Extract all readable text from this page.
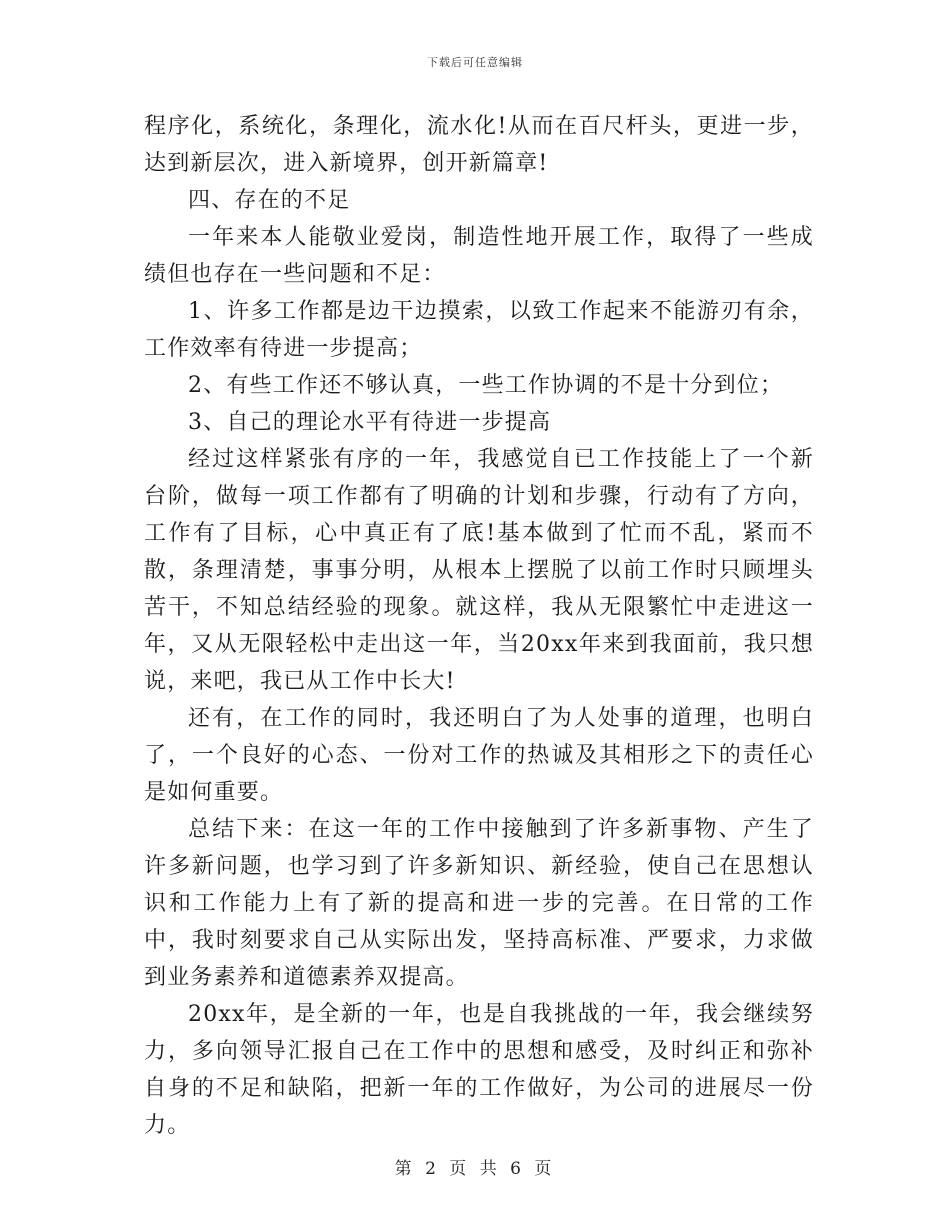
下载后可任意编辑

程序化，系统化，条理化，流水化!从而在百尺杆头，更进一步，达到新层次，进入新境界，创开新篇章!

四、存在的不足

一年来本人能敬业爱岗，制造性地开展工作，取得了一些成绩但也存在一些问题和不足：

1、许多工作都是边干边摸索，以致工作起来不能游刃有余，工作效率有待进一步提高；

2、有些工作还不够认真，一些工作协调的不是十分到位；

3、自己的理论水平有待进一步提高

经过这样紧张有序的一年，我感觉自已工作技能上了一个新台阶，做每一项工作都有了明确的计划和步骤，行动有了方向，工作有了目标，心中真正有了底!基本做到了忙而不乱，紧而不散，条理清楚，事事分明，从根本上摆脱了以前工作时只顾埋头苦干，不知总结经验的现象。就这样，我从无限繁忙中走进这一年，又从无限轻松中走出这一年，当20xx年来到我面前，我只想说，来吧，我已从工作中长大!

还有，在工作的同时，我还明白了为人处事的道理，也明白了，一个良好的心态、一份对工作的热诚及其相形之下的责任心是如何重要。

总结下来：在这一年的工作中接触到了许多新事物、产生了许多新问题，也学习到了许多新知识、新经验，使自己在思想认识和工作能力上有了新的提高和进一步的完善。在日常的工作中，我时刻要求自己从实际出发，坚持高标准、严要求，力求做到业务素养和道德素养双提高。

20xx年，是全新的一年，也是自我挑战的一年，我会继续努力，多向领导汇报自己在工作中的思想和感受，及时纠正和弥补自身的不足和缺陷，把新一年的工作做好，为公司的进展尽一份力。

第 2 页 共 6 页
